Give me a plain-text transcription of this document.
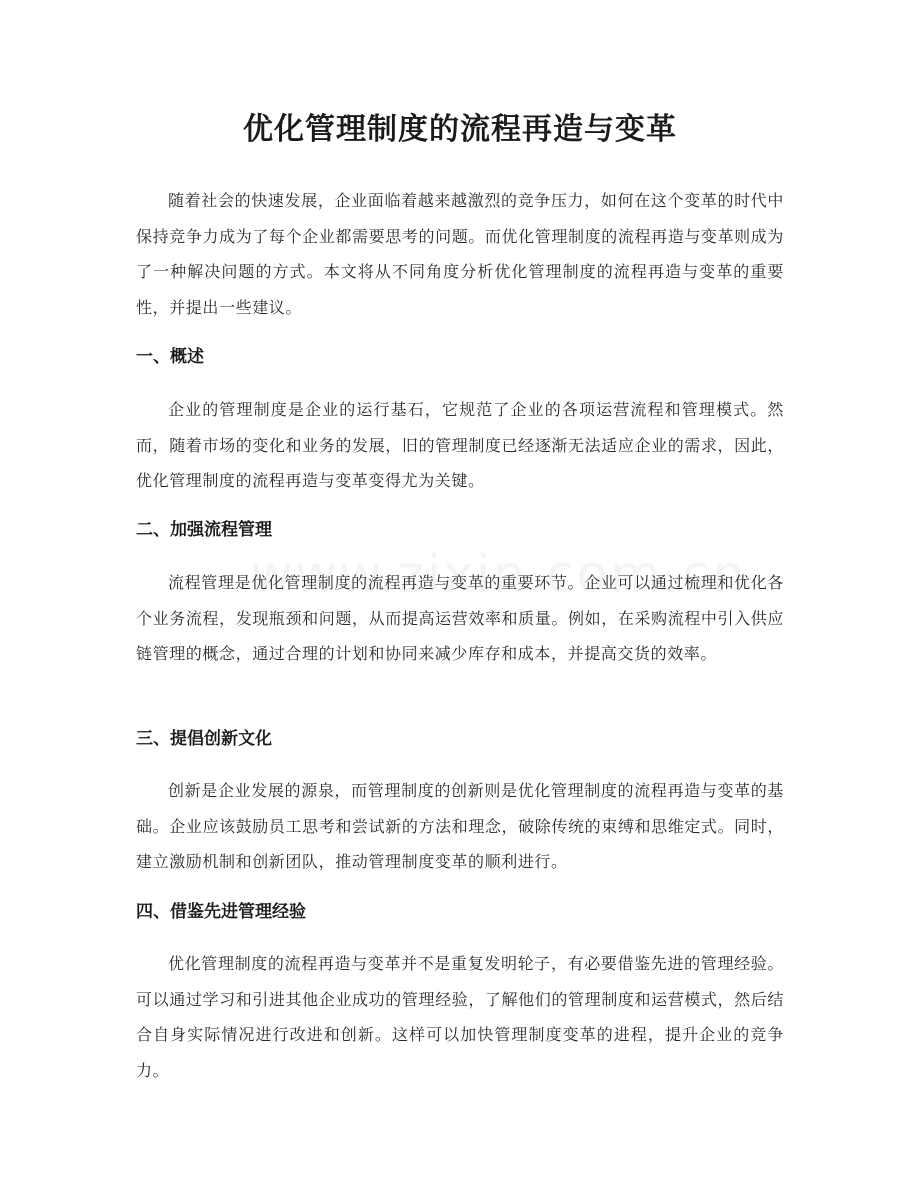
优化管理制度的流程再造与变革

随着社会的快速发展，企业面临着越来越激烈的竞争压力，如何在这个变革的时代中保持竞争力成为了每个企业都需要思考的问题。而优化管理制度的流程再造与变革则成为了一种解决问题的方式。本文将从不同角度分析优化管理制度的流程再造与变革的重要性，并提出一些建议。

一、概述

企业的管理制度是企业的运行基石，它规范了企业的各项运营流程和管理模式。然而，随着市场的变化和业务的发展，旧的管理制度已经逐渐无法适应企业的需求，因此，优化管理制度的流程再造与变革变得尤为关键。

二、加强流程管理

流程管理是优化管理制度的流程再造与变革的重要环节。企业可以通过梳理和优化各个业务流程，发现瓶颈和问题，从而提高运营效率和质量。例如，在采购流程中引入供应链管理的概念，通过合理的计划和协同来减少库存和成本，并提高交货的效率。

三、提倡创新文化

创新是企业发展的源泉，而管理制度的创新则是优化管理制度的流程再造与变革的基础。企业应该鼓励员工思考和尝试新的方法和理念，破除传统的束缚和思维定式。同时，建立激励机制和创新团队，推动管理制度变革的顺利进行。

四、借鉴先进管理经验

优化管理制度的流程再造与变革并不是重复发明轮子，有必要借鉴先进的管理经验。可以通过学习和引进其他企业成功的管理经验，了解他们的管理制度和运营模式，然后结合自身实际情况进行改进和创新。这样可以加快管理制度变革的进程，提升企业的竞争力。
